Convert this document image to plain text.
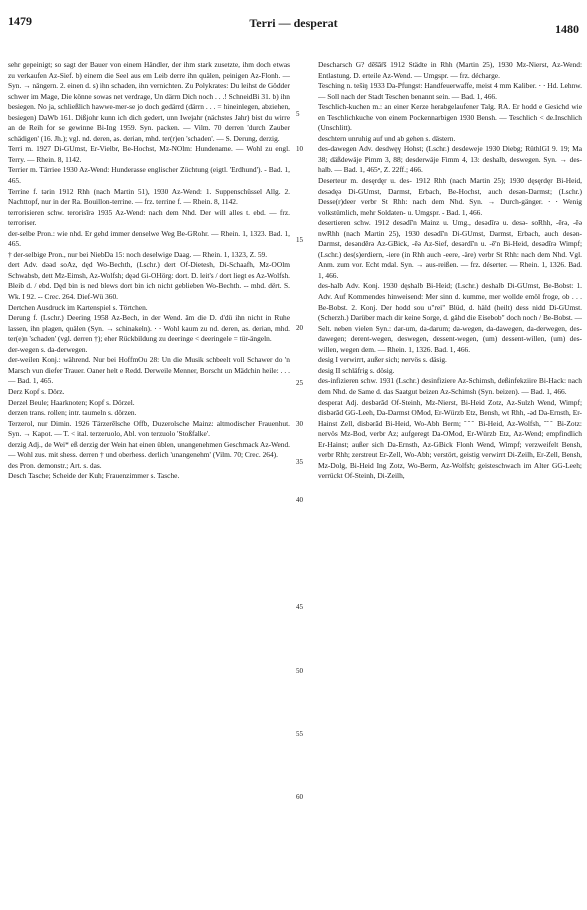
1479	Terri — desperat	1480

sehr gepeinigt; so sagt der Bauer von einem Händler, der ihm stark zusetzte, ihm doch etwas zu verkaufen Az-Sief. b) einem die Seel aus em Leib derre ihn quälen, peinigen Az-Flonh. — Syn. → nängern. 2. einen d. s) ihn schaden, ihn vernichten. Zu Polykrates: Du leihst de Gödder schwer im Mage, Die könne sowas net verdrage, Un därrn Dich noch . . .! SchneidBi 31. b) ihn besiegen. No ja, schließlich hawwe-mer-se jo doch gedärrd (därrn . . . = hineinlegen, abziehen, besiegen) DaWb 161. Dißjohr kunn ich dich gedert, unn Iwejahr (nächstes Jahr) bist du wirre an de Reih for se gewinne Bi-Ing 1959. Syn. packen. — Vilm. 70 derren 'durch Zauber schädigen' (16. Jh.); vgl. nd. deren, as. derian, mhd. ter(r)en 'schaden'. — S. Derung, derzig.

Terri m. 1927 Di-GUmst, Er-Vielbr, Be-Hochst, Mz-NOlm: Hundename. — Wohl zu engl. Terry. — Rhein. 8, 1142.

Terrier m. Tärriee 1930 Az-Wend: Hunderasse englischer Züchtung (eigtl. 'Erdhund'). - Bad. 1, 465.

Terrine f. tǝrin 1912 Rhh (nach Martin 51), 1930 Az-Wend: 1. Suppenschüssel Allg. 2. Nachttopf, nur in der Ra. Bouillon-terrine. — frz. terrine f. — Rhein. 8, 1142.

terrorisieren schw. terorisīrǝ 1935 Az-Wend: nach dem Nhd. Der will alles t. ebd. — frz. terroriser.

der-selbe Pron.: wie nhd. Er gehd immer denselwe Weg Be-GRohr. — Rhein. 1, 1323. Bad. 1, 465.

† der-selbige Pron., nur bei NiebDa 15: noch deselwige Daag. — Rhein. 1, 1323, Z. 59.

dert Adv. dǝǝd soAz, dęd Wo-Bechth, (Lschr.) dert Of-Dietesh, Di-Schaafh, Mz-OOlm Schwabsb, dett Mz-Eimsh, Az-Wolfsh; dęǝd Gi-OHörg: dort. D. leit's / dort liegt es Az-Wolfsh. Bleib d. / ebd. Dęd bin is ned blews dort bin ich nicht geblieben Wo-Bechth. -- mhd. dërt. S. Wk. I 92. -- Crec. 264. Dief-Wü 360.

Dertchen Ausdruck im Kartenspiel s. Törtchen.

Derung f. (Lschr.) Deering 1958 Az-Bech, in der Wend. ām die D. d'dü ihn nicht in Ruhe lassen, ihn plagen, quälen (Syn. → schinakeln). ⋅ ⋅ Wohl kaum zu nd. deren, as. derian, mhd. ter(e)n 'schaden' (vgl. derren †); eher Rückbildung zu deeringe < deeringele = tür-ängeln.

der-wegen s. da-derwegen.

der-weilen Konj.: während. Nur bei HoffmOu 28: Un die Musik schbeelt voll Schawer do 'n Marsch vun diefer Trauer. Oaner helt e Redd. Derweile Menner, Borscht un Mädchin heile: . . . — Bad. 1, 465.

Derz Kopf s. Dörz.

Derzel Beule; Haarknoten; Kopf s. Dörzel.

derzen trans. rollen; intr. taumeln s. dörzen.

Terzerol, nur Dimin. 1926 Tärzerēlsche Offb, Duzerolsche Mainz: altmodischer Frauenhut. Syn. → Kapot. — T. < ital. terzeruolo, Abl. von terzuolo 'Stoßfalke'.

derzig Adj., de Wei* eß derzig der Wein hat einen üblen, unangenehmen Geschmack Az-Wend. — Wohl zus. mit shess. derren † und oberhess. derlich 'unangenehm' (Vilm. 70; Crec. 264).

des Pron. demonstr.; Art. s. das.

Desch Tasche; Scheide der Kuh; Frauenzimmer s. Tasche.

5
10
15
20
25
30
35
40
45
50
55
60

Descharsch G? dēšār̄š 1912 Städte in Rhh (Martin 25), 1930 Mz-Nierst, Az-Wend: Entlastung. D. erteile Az-Wend. — Umgspr. — frz. décharge.

Tesching n. tešiŋ 1933 Da-Pfungst: Handfeuerwaffe, meist 4 mm Kaliber. ⋅ ⋅ Hd. Lehnw. — Soll nach der Stadt Teschen benannt sein. — Bad. 1, 466.

Teschlich-kuchen m.: an einer Kerze herabgelaufener Talg. RA. Er hodd e Gesichd wie en Teschlichkuche von einem Pockennarbigen 1930 Bensh. — Teschlich < de.Inschlich (Unschlitt).

deschtern unruhig auf und ab gehen s. dästern.

des-dawegen Adv. desdwęɣ Hohst; (Lschr.) desdeweje 1930 Diebg; RüthlGI 9. 19; Ma 38; däßdewäje Pimm 3, 88; desderwäje Fimm 4, 13: deshalb, deswegen. Syn. → des-halb. — Bad. 1, 465ⁿ, Z. 22ff.; 466.

Deserteur m. desęrdęr u. des- 1912 Rhh (nach Martin 25); 1930 dęsęrdęr Bi-Heid, desǝdęǝ Di-GUmst, Darmst, Erbach, Be-Hochst, auch desǝn-Darmst; (Lschr.) Desse(r)deer verbr St Rhh: nach dem Nhd. Syn. → Durch-gänger. ⋅ ⋅ Wenig volkstümlich, mehr Soldaten- u. Umgspr. - Bad. 1, 466.

desertieren schw. 1912 desǝdī'n Mainz u. Umg., desǝdīrǝ u. desǝ- soRhh, -ērǝ, -ēǝ nwRhh (nach Martin 25), 1930 desǝdī'n Di-GUmst, Darmst, Erbach, auch desǝn- Darmst, desǝndērǝ Az-GBick, -ēǝ Az-Sief, desǝrdī'n u. -ē'n Bi-Heid, desǝdīrǝ Wimpf; (Lschr.) des(s)erdiern, -iere (in Rhh auch -eere, -äre) verbr St Rhh: nach dem Nhd. Vgl. Anm. zum vor. Echt mdal. Syn. → aus-reißen. — frz. déserter. — Rhein. 1, 1326. Bad. 1, 466.

des-halb Adv. Konj. 1930 dęshalb Bi-Heid; (Lschr.) deshalb Di-GUmst, Be-Bobst: 1. Adv. Auf Kommendes hinweisend: Mer sinn d. kumme, mer wollde emöl froge, ob . . . Be-Bobst. 2. Konj. Der hodd sou u"rei" Blüd, d. häld (heilt) dess nidd Di-GUmst. (Scherzh.) Darüber mach dir keine Sorge, d. gähd die Eisebob" doch noch / Be-Bobst. — Selt. neben vielen Syn.: dar-um, da-darum; da-wegen, da-dawegen, da-derwegen, des-dawegen; derent-wegen, deswegen, dessent-wegen, (um) dessent-willen, (um) des-willen, wegen dem. — Rhein. 1, 1326. Bad. 1, 466.

desig I verwirrt, außer sich; nervös s. däsig.

desig II schläfrig s. dösig.

des-infizieren schw. 1931 (Lschr.) desinfiziere Az-Schimsh, deßinfekziire Bi-Hack: nach dem Nhd. de Same d. das Saatgut beizen Az-Schimsh (Syn. beizen). — Bad. 1, 466.

desperat Adj. desbǝrād Of-Steinh, Mz-Nierst, Bi-Heid Zotz, Az-Sulzh Wend, Wimpf; disbǝrād GG-Leeh, Da-Darmst OMod, Er-Würzb Etz, Bensh, wt Rhh, -ǝd Da-Ernsth, Er-Hainst Zell, disbǝrād Bi-Heid, Wo-Abh Berm; ˇˇˇ Bi-Heid, Az-Wolfsh, ˆˆˇ Bi-Zotz: nervös Mz-Bod, verbr Az; aufgeregt Da-OMod, Er-Würzb Etz, Az-Wend; empfindlich Er-Hainst; außer sich Da-Ernsth, Az-GBick Flonh Wend, Wimpf; verzweifelt Bensh, verbr Rhh; zerstreut Er-Zell, Wo-Abh; verstört, geistig verwirrt Di-Zeilh, Er-Zell, Bensh, Mz-Dolg, Bi-Heid Ing Zotz, Wo-Berm, Az-Wolfsh; geisteschwach im Alter GG-Leeh; verrückt Of-Steinh, Di-Zeilh,
